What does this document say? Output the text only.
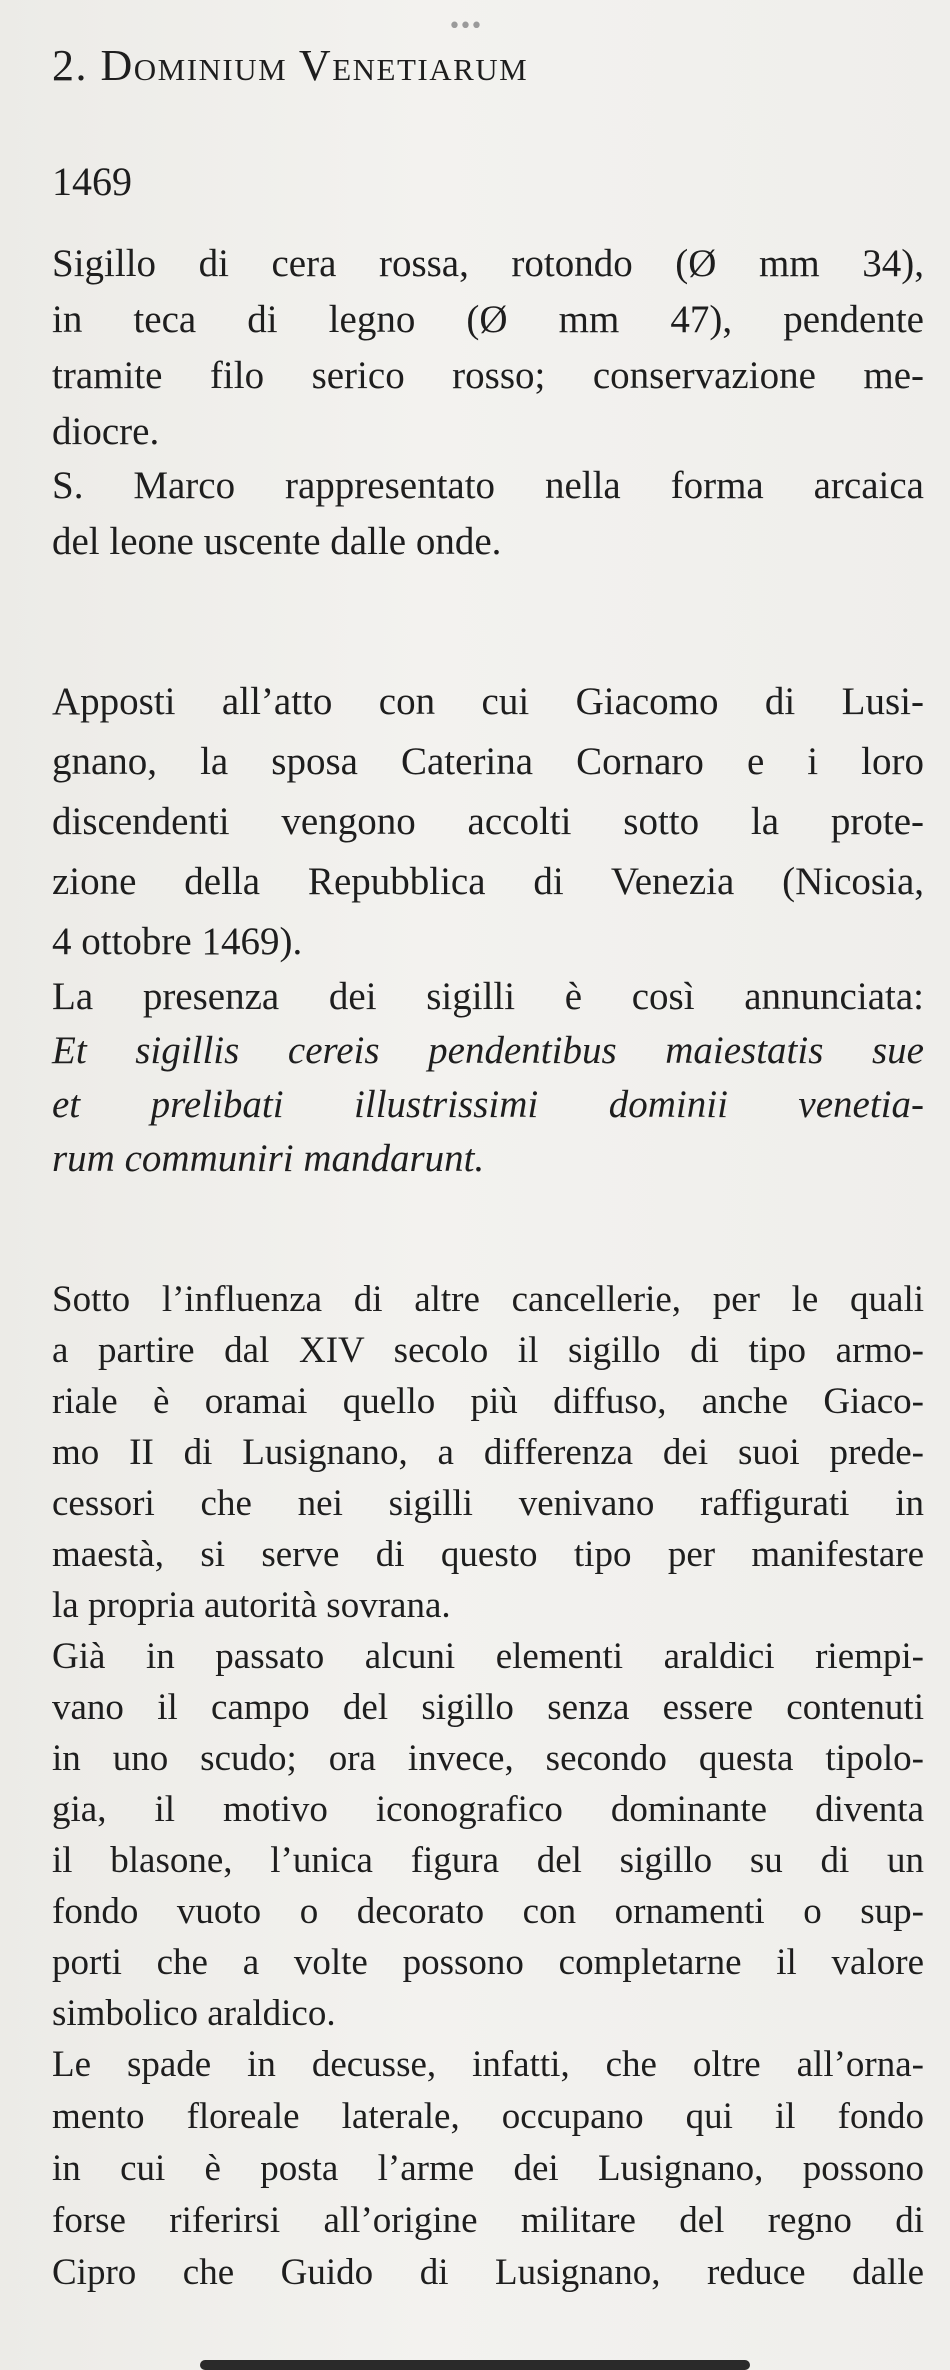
•••
2. Dominium Venetiarum
1469
Sigillo di cera rossa, rotondo (Ø mm 34),
in teca di legno (Ø mm 47), pendente
tramite filo serico rosso; conservazione me-
diocre.
S. Marco rappresentato nella forma arcaica
del leone uscente dalle onde.
Apposti all’atto con cui Giacomo di Lusi-
gnano, la sposa Caterina Cornaro e i loro
discendenti vengono accolti sotto la prote-
zione della Repubblica di Venezia (Nicosia,
4 ottobre 1469).
La presenza dei sigilli è così annunciata:
Et sigillis cereis pendentibus maiestatis sue
et prelibati illustrissimi dominii venetia-
rum communiri mandarunt.
Sotto l’influenza di altre cancellerie, per le quali
a partire dal XIV secolo il sigillo di tipo armo-
riale è oramai quello più diffuso, anche Giaco-
mo II di Lusignano, a differenza dei suoi prede-
cessori che nei sigilli venivano raffigurati in
maestà, si serve di questo tipo per manifestare
la propria autorità sovrana.
Già in passato alcuni elementi araldici riempi-
vano il campo del sigillo senza essere contenuti
in uno scudo; ora invece, secondo questa tipolo-
gia, il motivo iconografico dominante diventa
il blasone, l’unica figura del sigillo su di un
fondo vuoto o decorato con ornamenti o sup-
porti che a volte possono completarne il valore
simbolico araldico.
Le spade in decusse, infatti, che oltre all’orna-
mento floreale laterale, occupano qui il fondo
in cui è posta l’arme dei Lusignano, possono
forse riferirsi all’origine militare del regno di
Cipro che Guido di Lusignano, reduce dalle
